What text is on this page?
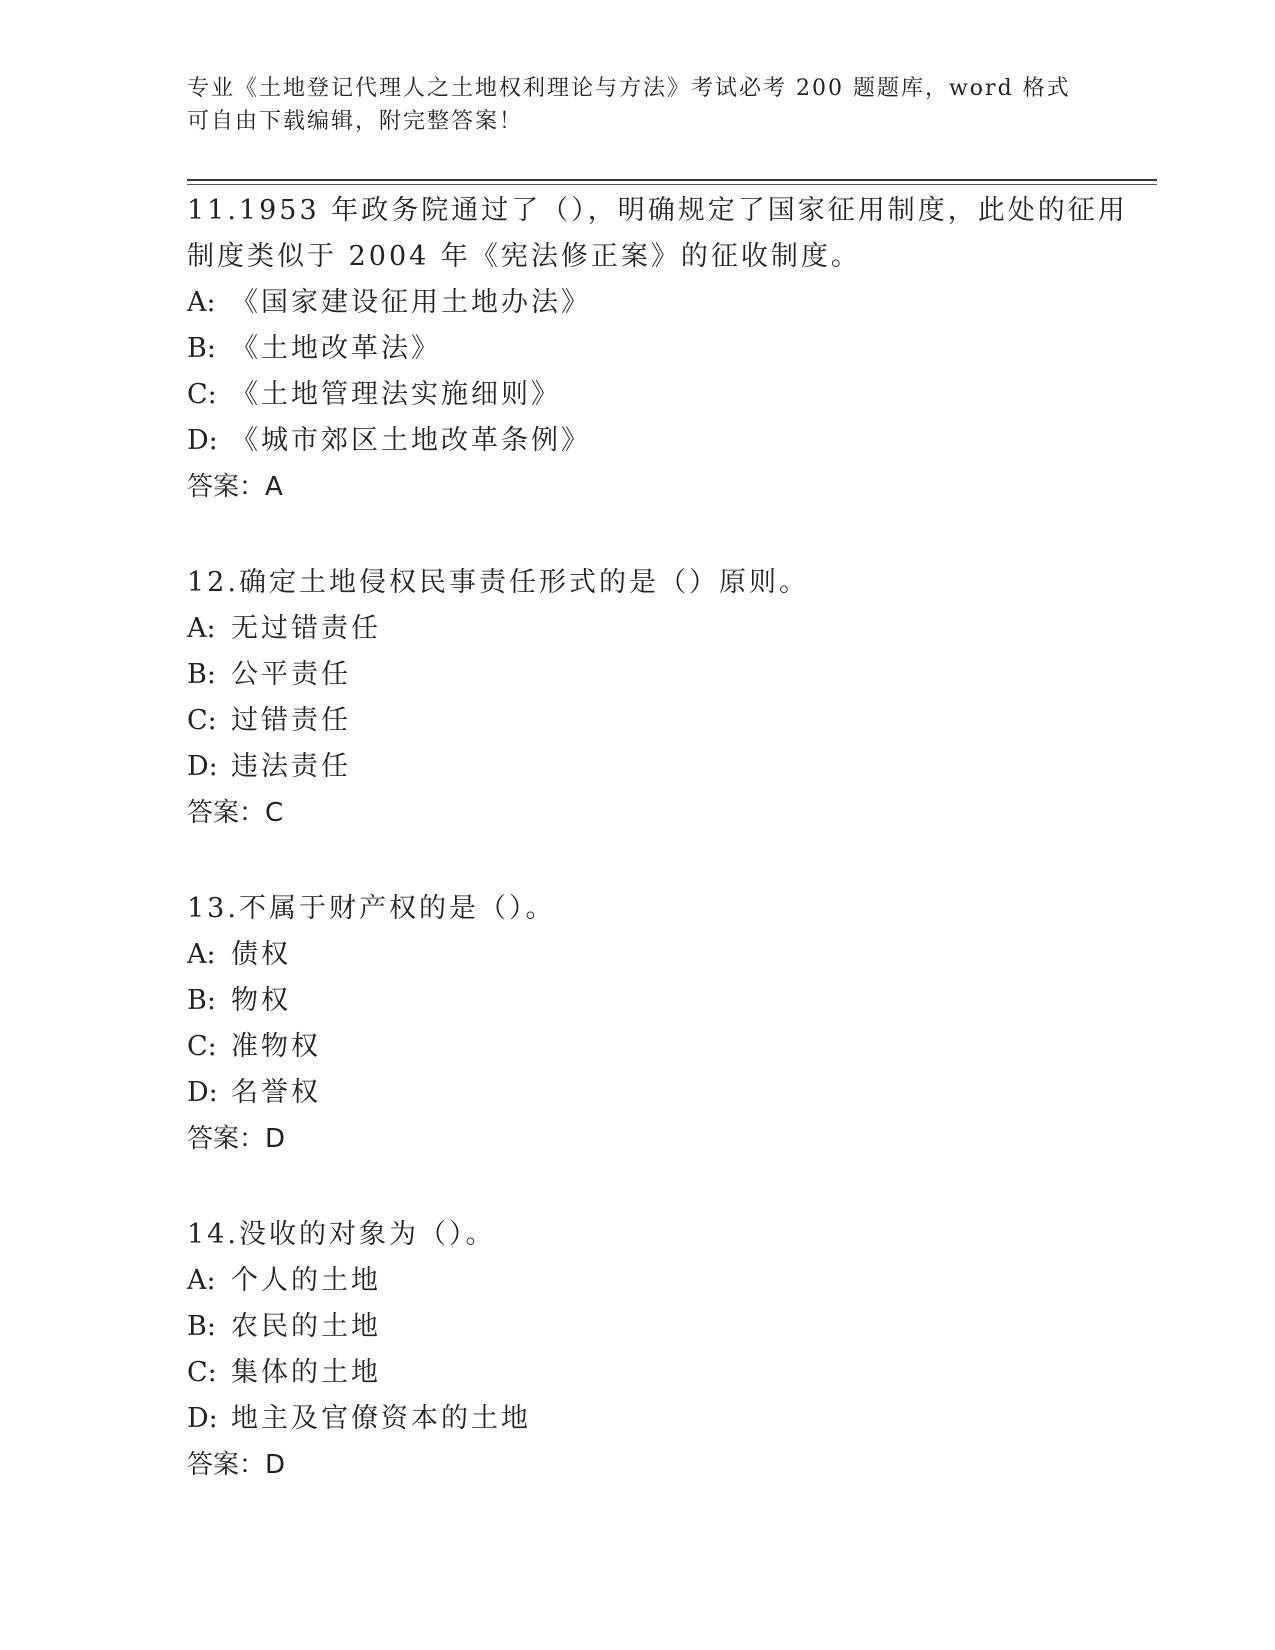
专业《土地登记代理人之土地权利理论与方法》考试必考 200 题题库，word 格式
可自由下载编辑，附完整答案！
11.1953 年政务院通过了（），明确规定了国家征用制度，此处的征用
制度类似于 2004 年《宪法修正案》的征收制度。
A: 《国家建设征用土地办法》
B: 《土地改革法》
C: 《土地管理法实施细则》
D: 《城市郊区土地改革条例》
答案：A
12.确定土地侵权民事责任形式的是（）原则。
A: 无过错责任
B: 公平责任
C: 过错责任
D: 违法责任
答案：C
13.不属于财产权的是（）。
A: 债权
B: 物权
C: 准物权
D: 名誉权
答案：D
14.没收的对象为（）。
A: 个人的土地
B: 农民的土地
C: 集体的土地
D: 地主及官僚资本的土地
答案：D
